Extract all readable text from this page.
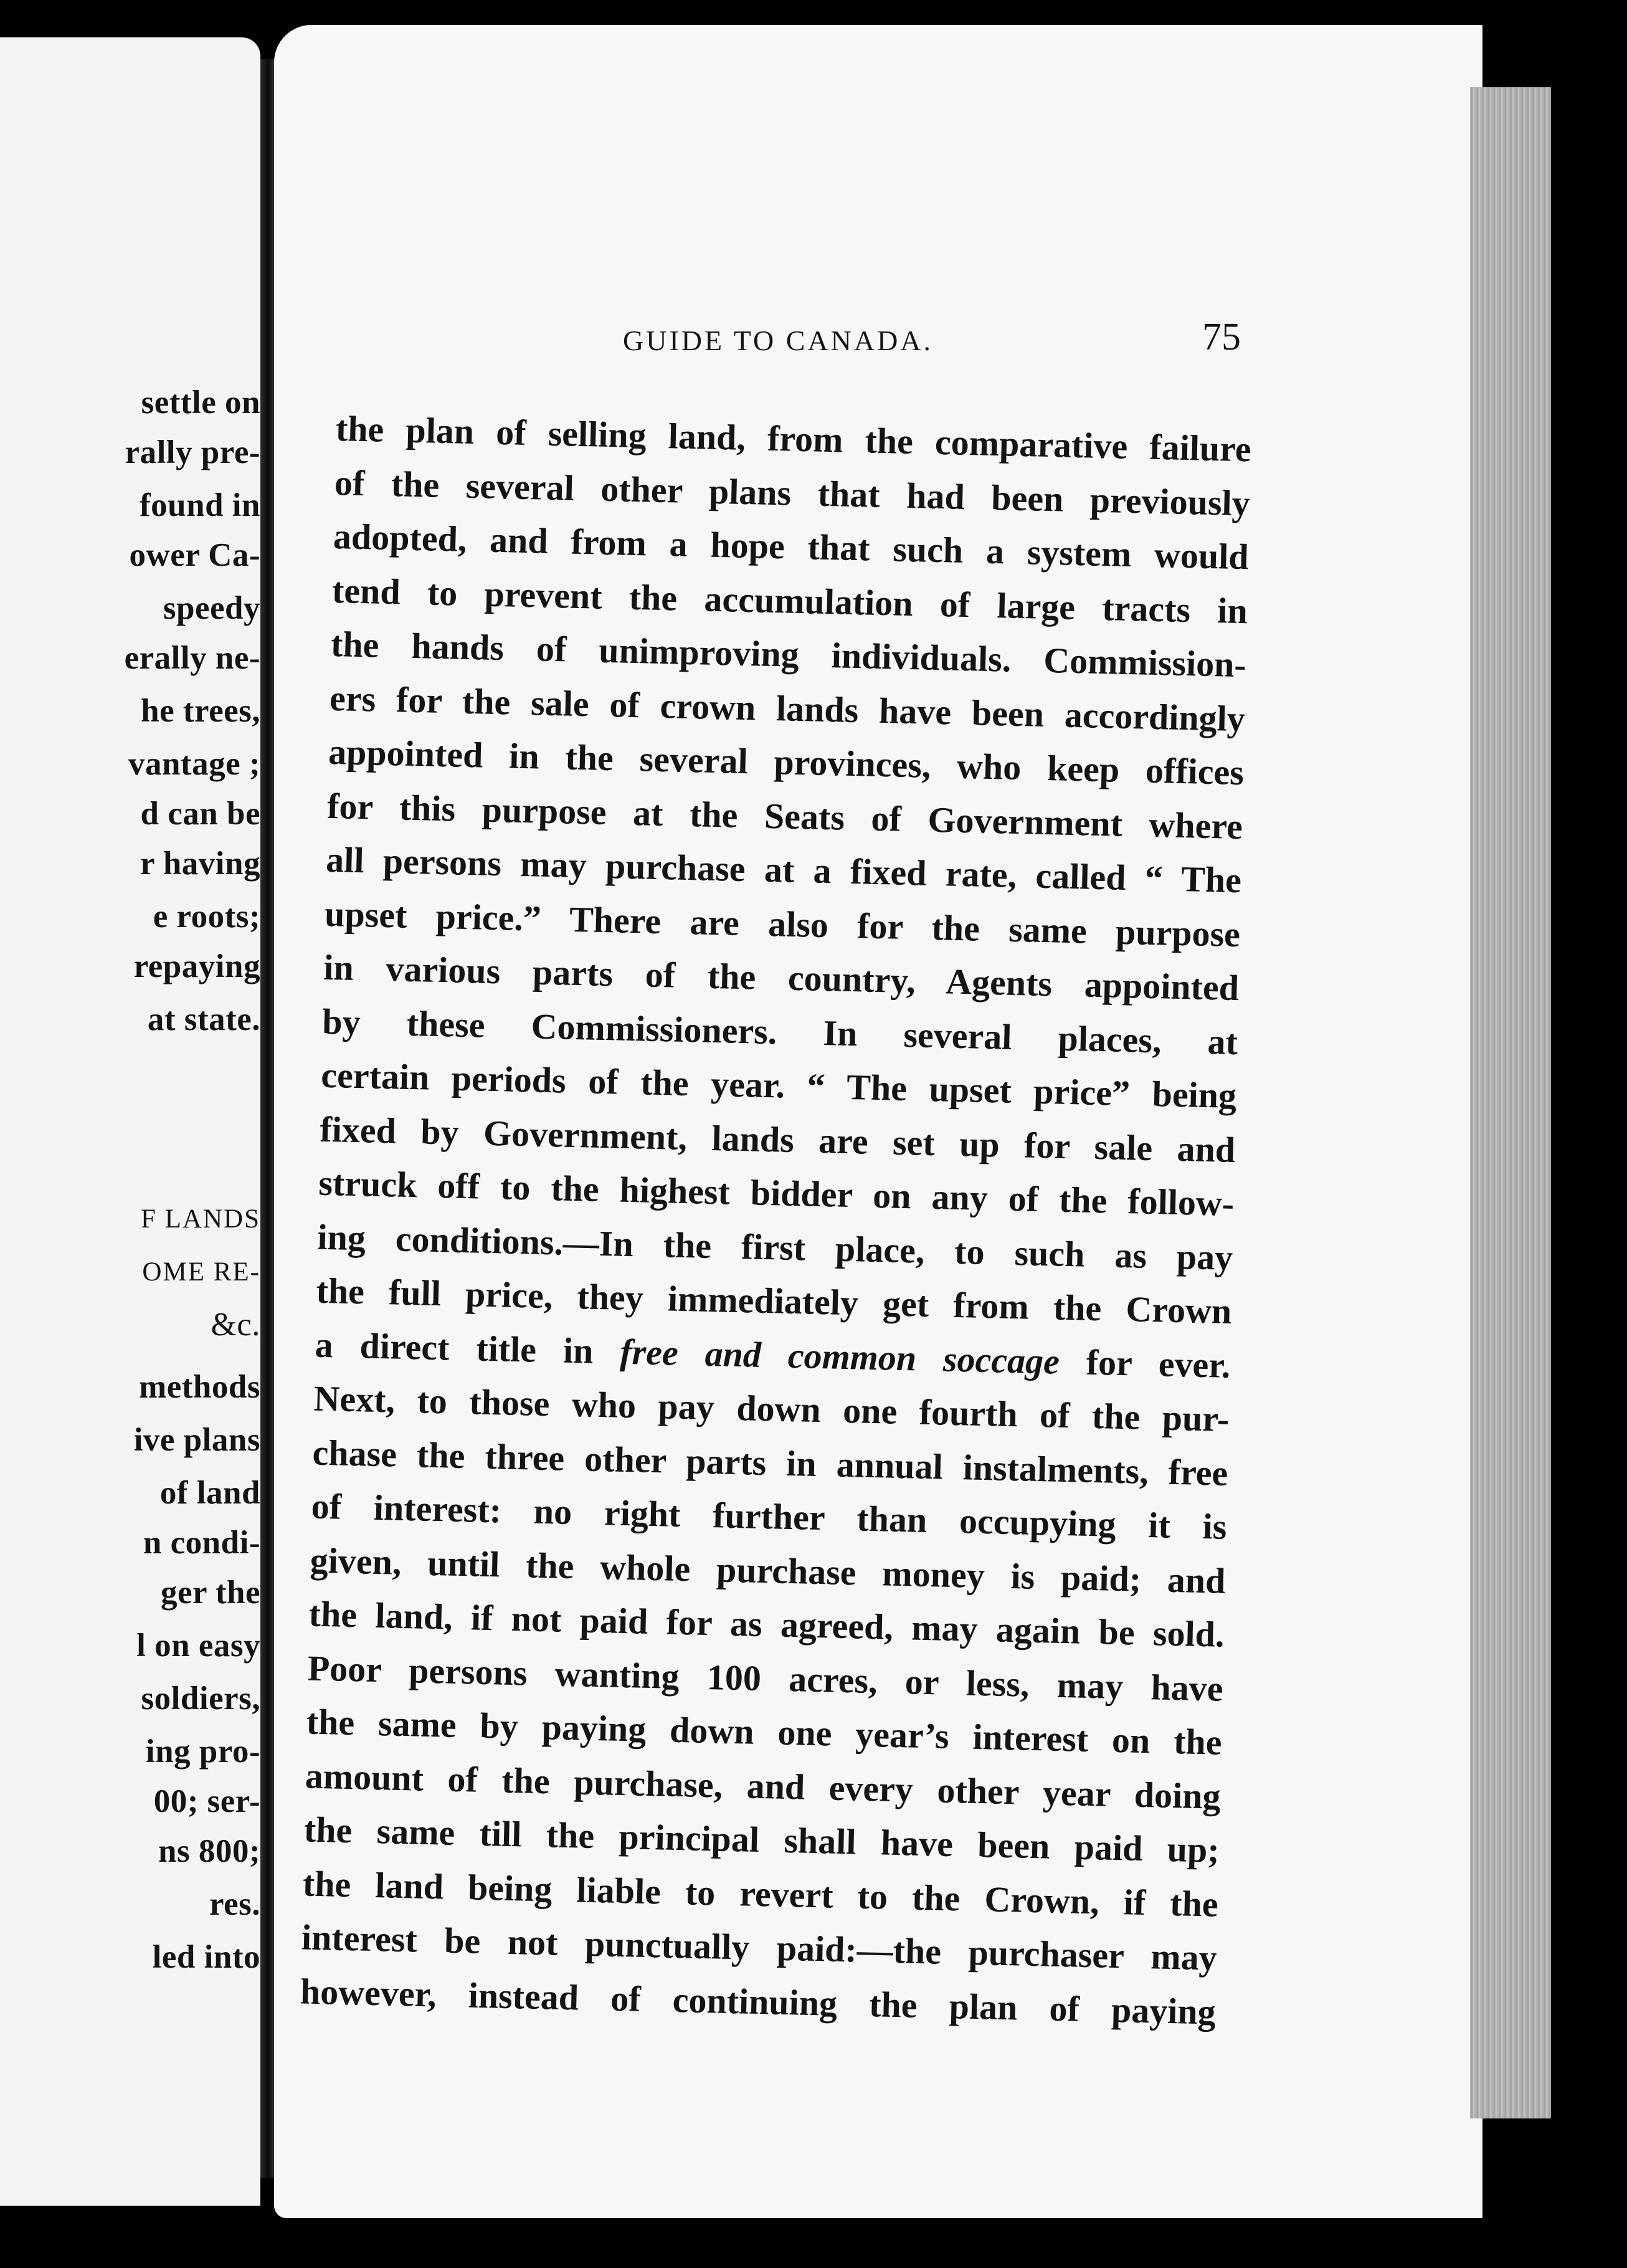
settle on
rally pre-
found in
ower Ca-
speedy
erally ne-
he trees,
vantage ;
d can be
r having
e roots;
repaying
at state.
F LANDS
OME RE-
&c.
methods
ive plans
of land
n condi-
ger the
l on easy
soldiers,
ing pro-
00; ser-
ns 800;
res.
led into
GUIDE TO CANADA.	75
the plan of selling land, from the comparative failure
of the several other plans that had been previously
adopted, and from a hope that such a system would
tend to prevent the accumulation of large tracts in
the hands of unimproving individuals. Commission-
ers for the sale of crown lands have been accordingly
appointed in the several provinces, who keep offices
for this purpose at the Seats of Government where
all persons may purchase at a fixed rate, called “ The
upset price.” There are also for the same purpose
in various parts of the country, Agents appointed
by these Commissioners. In several places, at
certain periods of the year. “ The upset price” being
fixed by Government, lands are set up for sale and
struck off to the highest bidder on any of the follow-
ing conditions.—In the first place, to such as pay
the full price, they immediately get from the Crown
a direct title in free and common soccage for ever.
Next, to those who pay down one fourth of the pur-
chase the three other parts in annual instalments, free
of interest: no right further than occupying it is
given, until the whole purchase money is paid; and
the land, if not paid for as agreed, may again be sold.
Poor persons wanting 100 acres, or less, may have
the same by paying down one year’s interest on the
amount of the purchase, and every other year doing
the same till the principal shall have been paid up;
the land being liable to revert to the Crown, if the
interest be not punctually paid:—the purchaser may
however, instead of continuing the plan of paying
